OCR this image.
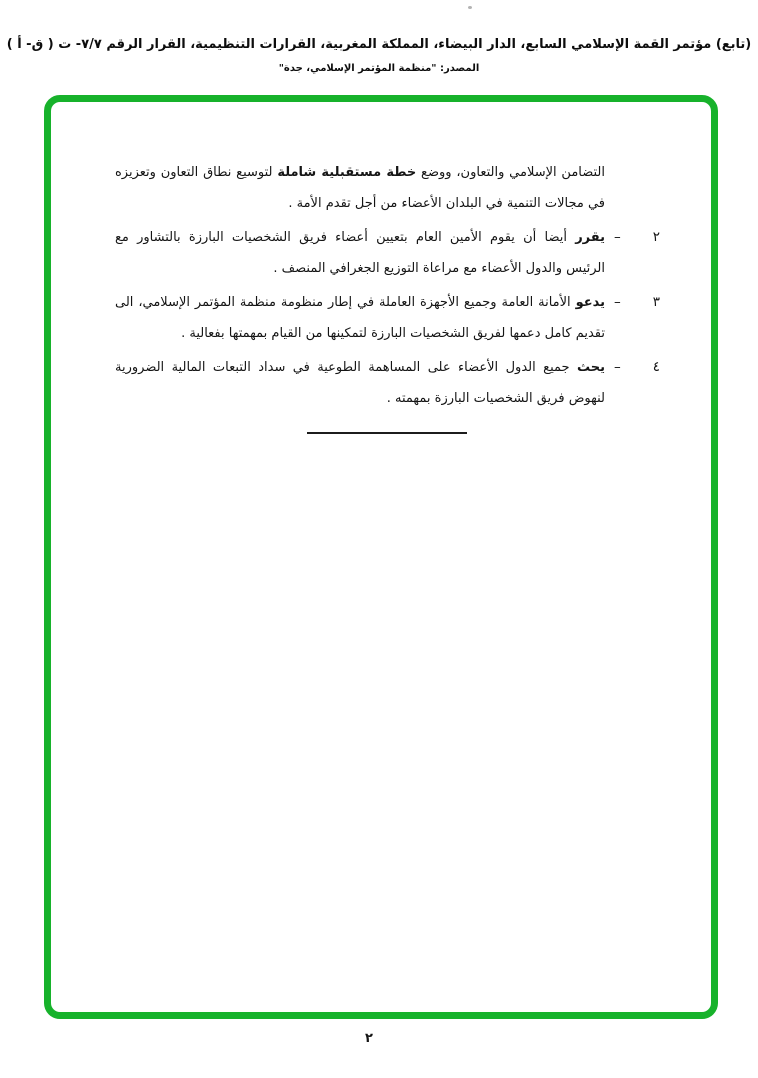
(تابع) مؤتمر القمة الإسلامي السابع، الدار البيضاء، المملكة المغربية، القرارات التنظيمية، القرار الرقم ٧/٧- ت ( ق- أ )
المصدر: "منظمة المؤتمر الإسلامي، جدة"
التضامن الإسلامي والتعاون، ووضع خطة مستقبلية شاملة لتوسيع نطاق التعاون وتعزيزه
في مجالات التنمية في البلدان الأعضاء من أجل تقدم الأمة .
٢
–
يقرر أيضا أن يقوم الأمين العام بتعيين أعضاء فريق الشخصيات البارزة بالتشاور مع
الرئيس والدول الأعضاء مع مراعاة التوزيع الجغرافي المنصف .
٣
–
يدعو الأمانة العامة وجميع الأجهزة العاملة في إطار منظومة منظمة المؤتمر الإسلامي، الى
تقديم كامل دعمها لفريق الشخصيات البارزة لتمكينها من القيام بمهمتها بفعالية .
٤
–
يحث جميع الدول الأعضاء على المساهمة الطوعية في سداد التبعات المالية الضرورية
لنهوض فريق الشخصيات البارزة بمهمته .
٢
